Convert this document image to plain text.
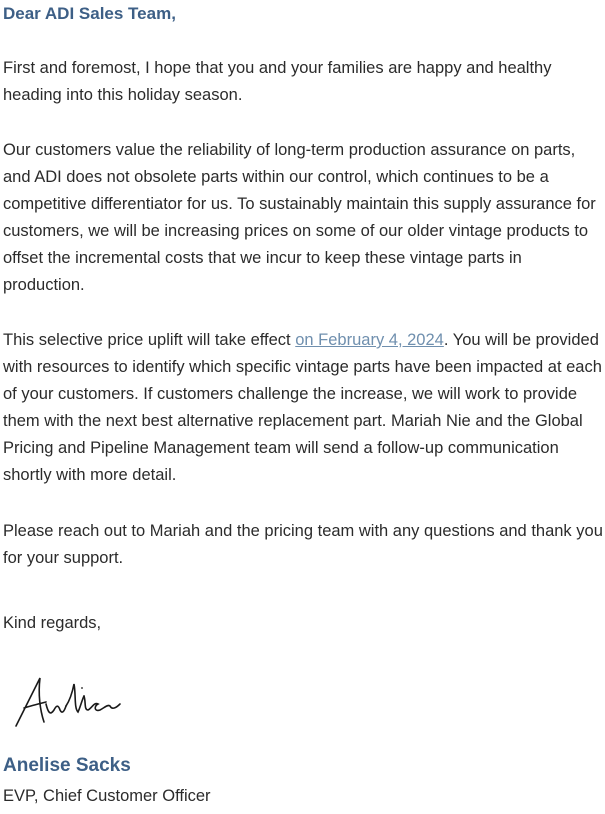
Dear ADI Sales Team,

First and foremost, I hope that you and your families are happy and healthy heading into this holiday season.

Our customers value the reliability of long-term production assurance on parts, and ADI does not obsolete parts within our control, which continues to be a competitive differentiator for us. To sustainably maintain this supply assurance for customers, we will be increasing prices on some of our older vintage products to offset the incremental costs that we incur to keep these vintage parts in production.

This selective price uplift will take effect on February 4, 2024. You will be provided with resources to identify which specific vintage parts have been impacted at each of your customers. If customers challenge the increase, we will work to provide them with the next best alternative replacement part. Mariah Nie and the Global Pricing and Pipeline Management team will send a follow-up communication shortly with more detail.

Please reach out to Mariah and the pricing team with any questions and thank you for your support.

Kind regards,

Anelise Sacks

EVP, Chief Customer Officer
